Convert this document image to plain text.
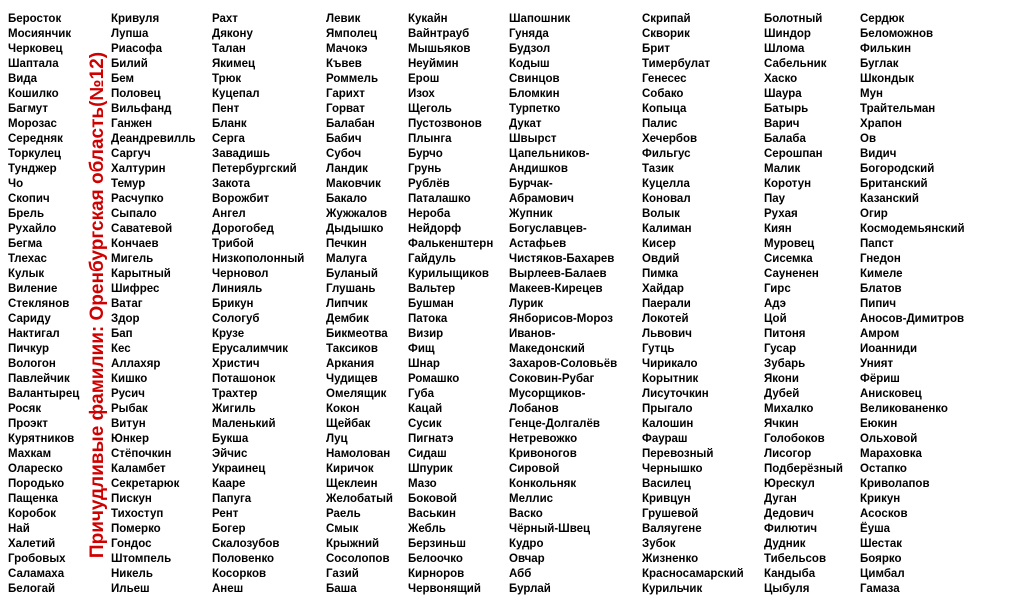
Причудливые фамилии: Оренбургская область(№12)
Беросток
Мосиянчик
Черковец
Шаптала
Вида
Кошилко
Багмут
Морозас
Середняк
Торкулец
Тунджер
Чо
Скопич
Брель
Рухайло
Бегма
Тлехас
Кулык
Виление
Стеклянов
Сариду
Нактигал
Пичкур
Вологон
Павлейчик
Валантырец
Росяк
Проэкт
Курятников
Махкам
Олареско
Породько
Пащенка
Коробок
Най
Халетий
Гробовых
Саламаха
Белогай
Кривуля
Лупша
Риасофа
Билий
Бем
Половец
Вильфанд
Ганжен
Деандревилль
Саргуч
Халтурин
Темур
Расчупко
Сыпало
Саватевой
Кончаев
Мигель
Карытный
Шифрес
Ватаг
Здор
Бап
Кес
Аллахяр
Кишко
Русич
Рыбак
Витун
Юнкер
Стёпочкин
Каламбет
Секретарюк
Пискун
Тихоступ
Померко
Гондос
Штомпель
Никель
Ильеш
Рахт
Дякону
Талан
Якимец
Трюк
Куцепал
Пент
Бланк
Серга
Завадишь
Петербургский
Закота
Ворожбит
Ангел
Дорогобед
Трибой
Низкополонный
Черновол
Линияль
Брикун
Сологуб
Крузе
Ерусалимчик
Христич
Поташонок
Трахтер
Жигиль
Маленький
Букша
Эйчис
Украинец
Кааре
Папуга
Рент
Богер
Скалозубов
Половенко
Косорков
Анеш
Левик
Ямполец
Мачокэ
Къвев
Роммель
Гарихт
Горват
Балабан
Бабич
Субоч
Ландик
Маковчик
Бакало
Жужжалов
Дыдышко
Печкин
Малуга
Буланый
Глушань
Липчик
Дембик
Бикмеотва
Таксиков
Аркания
Чудищев
Омелящик
Кокон
Щейбак
Луц
Намолован
Киричок
Щеклеин
Желобатый
Раель
Смык
Крыжний
Сосолопов
Газий
Баша
Кукайн
Вайнтрауб
Мышьяков
Неуймин
Ерош
Изох
Щеголь
Пустозвонов
Плынга
Бурчо
Грунь
Рублёв
Паталашко
Нероба
Нейдорф
Фалькенштерн
Гайдуль
Курилыщиков
Вальтер
Бушман
Патока
Визир
Фищ
Шнар
Ромашко
Губа
Кацай
Сусик
Пигнатэ
Сидаш
Шпурик
Мазо
Боковой
Васькин
Жебль
Берзиньш
Белоочко
Кирноров
Червонящий
Шапошник
Гуняда
Будзол
Кодыш
Свинцов
Бломкин
Турпетко
Дукат
Швырст
Цапельников-
Андишков
Бурчак-
Абрамович
Жупник
Богуславцев-
Астафьев
Чистяков-Бахарев
Вырлеев-Балаев
Макеев-Кирецев
Лурик
Янборисов-Мороз
Иванов-
Македонский
Захаров-Соловьёв
Соковин-Рубаг
Мусорщиков-
Лобанов
Генце-Долгалёв
Нетревожко
Кривоногов
Сировой
Конкольняк
Меллис
Васко
Чёрный-Швец
Кудро
Овчар
Абб
Бурлай
Скрипай
Скворик
Брит
Тимербулат
Генесес
Собако
Копыца
Палис
Хечербов
Фильгус
Тазик
Куцелла
Коновал
Волык
Калиман
Кисер
Овдий
Пимка
Хайдар
Паерали
Локотей
Львович
Гутць
Чирикало
Корытник
Лисуточкин
Прыгало
Калошин
Фаураш
Перевозный
Чернышко
Василец
Кривцун
Грушевой
Валяугене
Зубок
Жизненко
Красносамарский
Курильчик
Болотный
Шиндор
Шлома
Сабельник
Хаско
Шаура
Батырь
Варич
Балаба
Серошпан
Малик
Коротун
Пау
Рухая
Киян
Муровец
Сисемка
Сауненен
Гирс
Адэ
Цой
Питоня
Гусар
Зубарь
Якони
Дубей
Михалко
Ячкин
Голобоков
Лисогор
Подберёзный
Юрескул
Дуган
Дедович
Филютич
Дудник
Тибельсов
Кандыба
Цыбуля
Сердюк
Беломожнов
Филькин
Буглак
Шкондык
Мун
Трайтельман
Храпон
Ов
Видич
Богородский
Британский
Казанский
Огир
Космодемьянский
Папст
Гнедон
Кимеле
Блатов
Пипич
Аносов-Димитров
Амром
Иоанниди
Уният
Фёриш
Анисковец
Великованенко
Еюкин
Ольховой
Мараховка
Остапко
Криволапов
Крикун
Асосков
Ёуша
Шестак
Боярко
Цимбал
Гамаза
